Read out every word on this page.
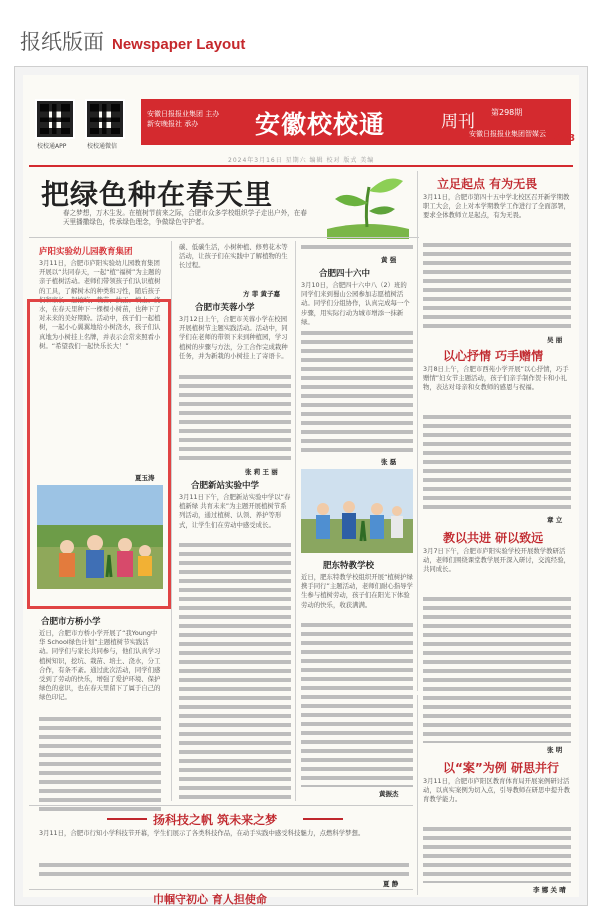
报纸版面 Newspaper Layout
校校通APP	校校通微信
安徽日报报业集团 主办 新安晚报社 承办	安徽校校通	周刊 第298期
安徽日报报业集团智媒云 A08
2024年3月16日 星期六 编辑 校对 版式 美编
把绿色种在春天里
春之梦想，万木生发。在植树节前来之际，合肥市众多学校组织学子走出户外，在春天里播撒绿色，传承绿色理念，争做绿色守护者。
庐阳实验幼儿园教育集团
3月11日，合肥市庐阳实验幼儿园教育集团开展以“共同春天，一起“植”福树”为主题的亲子植树活动。老师们带领孩子们认识植树的工具，了解树木的种类和习性，随后孩子们和家长一起挖坑、栽苗、扶正、填土、浇水，在春天里种下一棵棵小树苗，也种下了对未来的美好期盼。活动中，孩子们一起植树，一起小心翼翼地给小树浇水，孩子们认真地为小树挂上名牌，并表示会常来照看小树。“希望我们一起快乐长大！”
夏玉涛
合肥市方桥小学
近日，合肥市方桥小学开展了“我Young中华 School绿色计划”主题植树节实践活动。同学们与家长共同参与，他们认真学习植树知识，挖坑、栽苗、培土、浇水，分工合作，有条不紊。通过此次活动，同学们感受到了劳动的快乐，增强了爱护环境、保护绿色的意识，也在春天里留下了属于自己的绿色印记。
碳、低碳生活，小树种植、修剪花木等活动，让孩子们在实践中了解植物的生长过程。
方 菲 黄子嘉
合肥市芙蓉小学
3月12日上午，合肥市芙蓉小学在校园开展植树节主题实践活动。活动中，同学们在老师的带领下来到种植园，学习植树的步骤与方法，分工合作完成栽种任务，并为新栽的小树挂上了寄语卡。
张 莉 王 丽
合肥新站实验中学
3月11日下午，合肥新站实验中学以“春植新绿 共育未来”为主题开展植树节系列活动，通过植树、认领、养护等形式，让学生们在劳动中感受成长。
黄 强
合肥四十六中
3月10日，合肥四十六中八（2）班的同学们来到蜀山公园参加志愿植树活动。同学们分组协作，认真完成每一个步骤，用实际行动为城市增添一抹新绿。
张 磊
肥东特教学校
近日，肥东特教学校组织开展“植树护绿 携手同行”主题活动，老师们耐心指导学生参与植树劳动，孩子们在阳光下体验劳动的快乐，收获满满。
黄振杰
立足起点 有为无畏
3月11日，合肥市第四十五中学北校区召开新学期教职工大会，会上对本学期教学工作进行了全面部署，要求全体教师立足起点，有为无畏。
吴 丽
以心抒情 巧手赠情
3月8日上午，合肥市西苑小学开展“以心抒情，巧手赠情”妇女节主题活动，孩子们亲手制作贺卡和小礼物，表达对母亲和女教师的感恩与祝福。
章 立
教以共进 研以致远
3月7日下午，合肥市庐阳实验学校开展数学教研活动，老师们围绕课堂教学展开深入研讨，交流经验，共同成长。
张 明
以“案”为例 研思并行
3月11日，合肥市庐阳区教育体育局开展案例研讨活动，以真实案例为切入点，引导教师在研思中提升教育教学能力。
李 娜 关 晴
扬科技之帆 筑未来之梦
3月11日，合肥市行知小学科技节开幕，学生们展示了各类科技作品，在动手实践中感受科技魅力，点燃科学梦想。
夏 静
巾帼守初心 育人担使命
